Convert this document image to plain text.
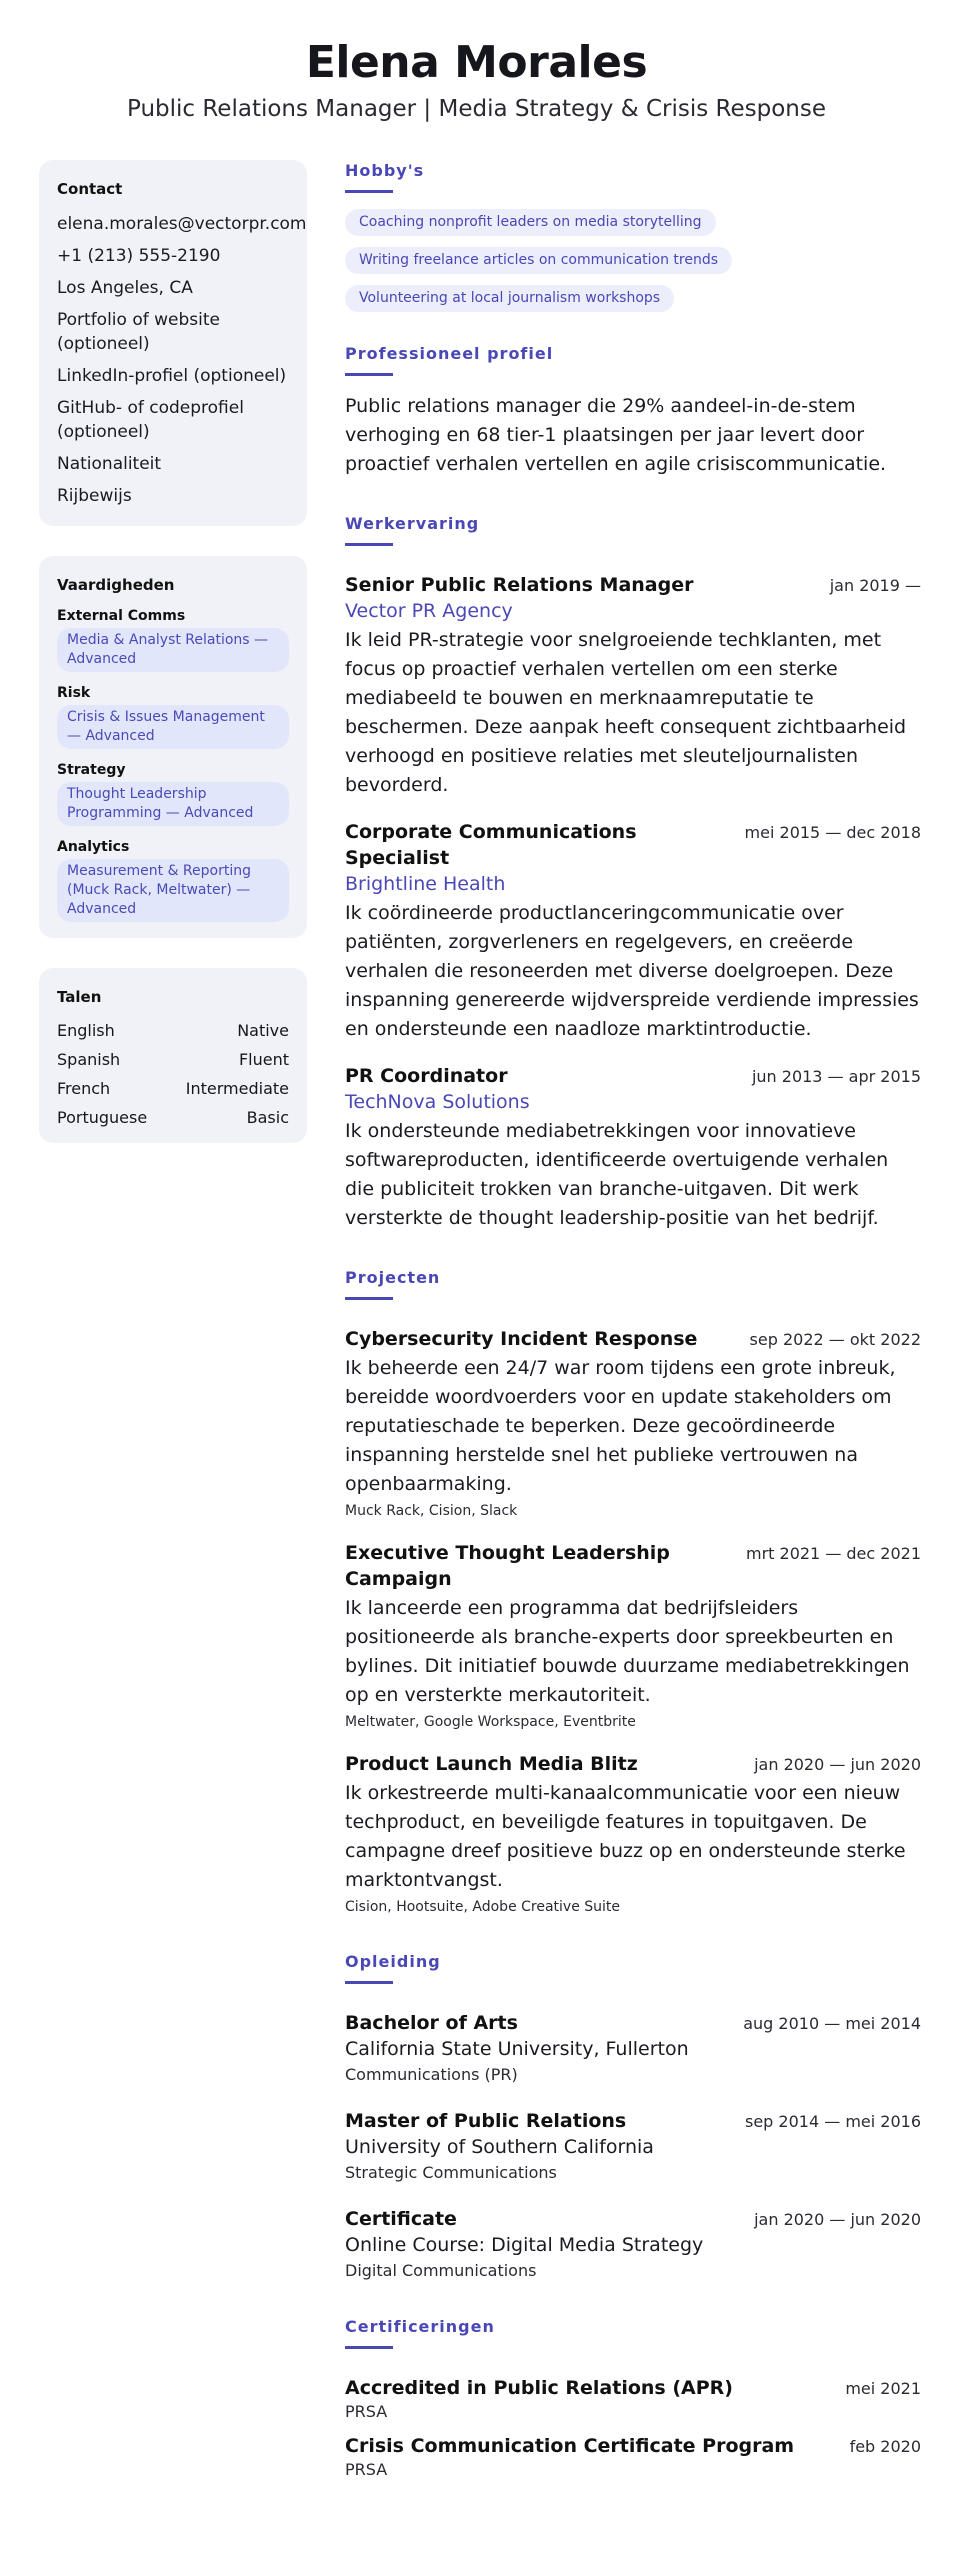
Elena Morales
Public Relations Manager | Media Strategy & Crisis Response
Contact
elena.morales@vectorpr.com
+1 (213) 555-2190
Los Angeles, CA
Portfolio of website (optioneel)
LinkedIn-profiel (optioneel)
GitHub- of codeprofiel (optioneel)
Nationaliteit
Rijbewijs
Vaardigheden
External Comms
Media & Analyst Relations — Advanced
Risk
Crisis & Issues Management — Advanced
Strategy
Thought Leadership Programming — Advanced
Analytics
Measurement & Reporting (Muck Rack, Meltwater) — Advanced
Talen
English	Native
Spanish	Fluent
French	Intermediate
Portuguese	Basic
Hobby's
Coaching nonprofit leaders on media storytelling
Writing freelance articles on communication trends
Volunteering at local journalism workshops
Professioneel profiel
Public relations manager die 29% aandeel-in-de-stem verhoging en 68 tier-1 plaatsingen per jaar levert door proactief verhalen vertellen en agile crisiscommunicatie.
Werkervaring
Senior Public Relations Manager	jan 2019 —
Vector PR Agency
Ik leid PR-strategie voor snelgroeiende techklanten, met focus op proactief verhalen vertellen om een sterke mediabeeld te bouwen en merknaamreputatie te beschermen. Deze aanpak heeft consequent zichtbaarheid verhoogd en positieve relaties met sleuteljournalisten bevorderd.
Corporate Communications Specialist
mei 2015 — dec 2018
Brightline Health
Ik coördineerde productlanceringcommunicatie over patiënten, zorgverleners en regelgevers, en creëerde verhalen die resoneerden met diverse doelgroepen. Deze inspanning genereerde wijdverspreide verdiende impressies en ondersteunde een naadloze marktintroductie.
PR Coordinator	jun 2013 — apr 2015
TechNova Solutions
Ik ondersteunde mediabetrekkingen voor innovatieve softwareproducten, identificeerde overtuigende verhalen die publiciteit trokken van branche-uitgaven. Dit werk versterkte de thought leadership-positie van het bedrijf.
Projecten
Cybersecurity Incident Response	sep 2022 — okt 2022
Ik beheerde een 24/7 war room tijdens een grote inbreuk, bereidde woordvoerders voor en update stakeholders om reputatieschade te beperken. Deze gecoördineerde inspanning herstelde snel het publieke vertrouwen na openbaarmaking.
Muck Rack, Cision, Slack
Executive Thought Leadership Campaign
mrt 2021 — dec 2021
Ik lanceerde een programma dat bedrijfsleiders positioneerde als branche-experts door spreekbeurten en bylines. Dit initiatief bouwde duurzame mediabetrekkingen op en versterkte merkautoriteit.
Meltwater, Google Workspace, Eventbrite
Product Launch Media Blitz	jan 2020 — jun 2020
Ik orkestreerde multi-kanaalcommunicatie voor een nieuw techproduct, en beveiligde features in topuitgaven. De campagne dreef positieve buzz op en ondersteunde sterke marktontvangst.
Cision, Hootsuite, Adobe Creative Suite
Opleiding
Bachelor of Arts	aug 2010 — mei 2014
California State University, Fullerton
Communications (PR)
Master of Public Relations	sep 2014 — mei 2016
University of Southern California
Strategic Communications
Certificate	jan 2020 — jun 2020
Online Course: Digital Media Strategy
Digital Communications
Certificeringen
Accredited in Public Relations (APR)	mei 2021
PRSA
Crisis Communication Certificate Program	feb 2020
PRSA
